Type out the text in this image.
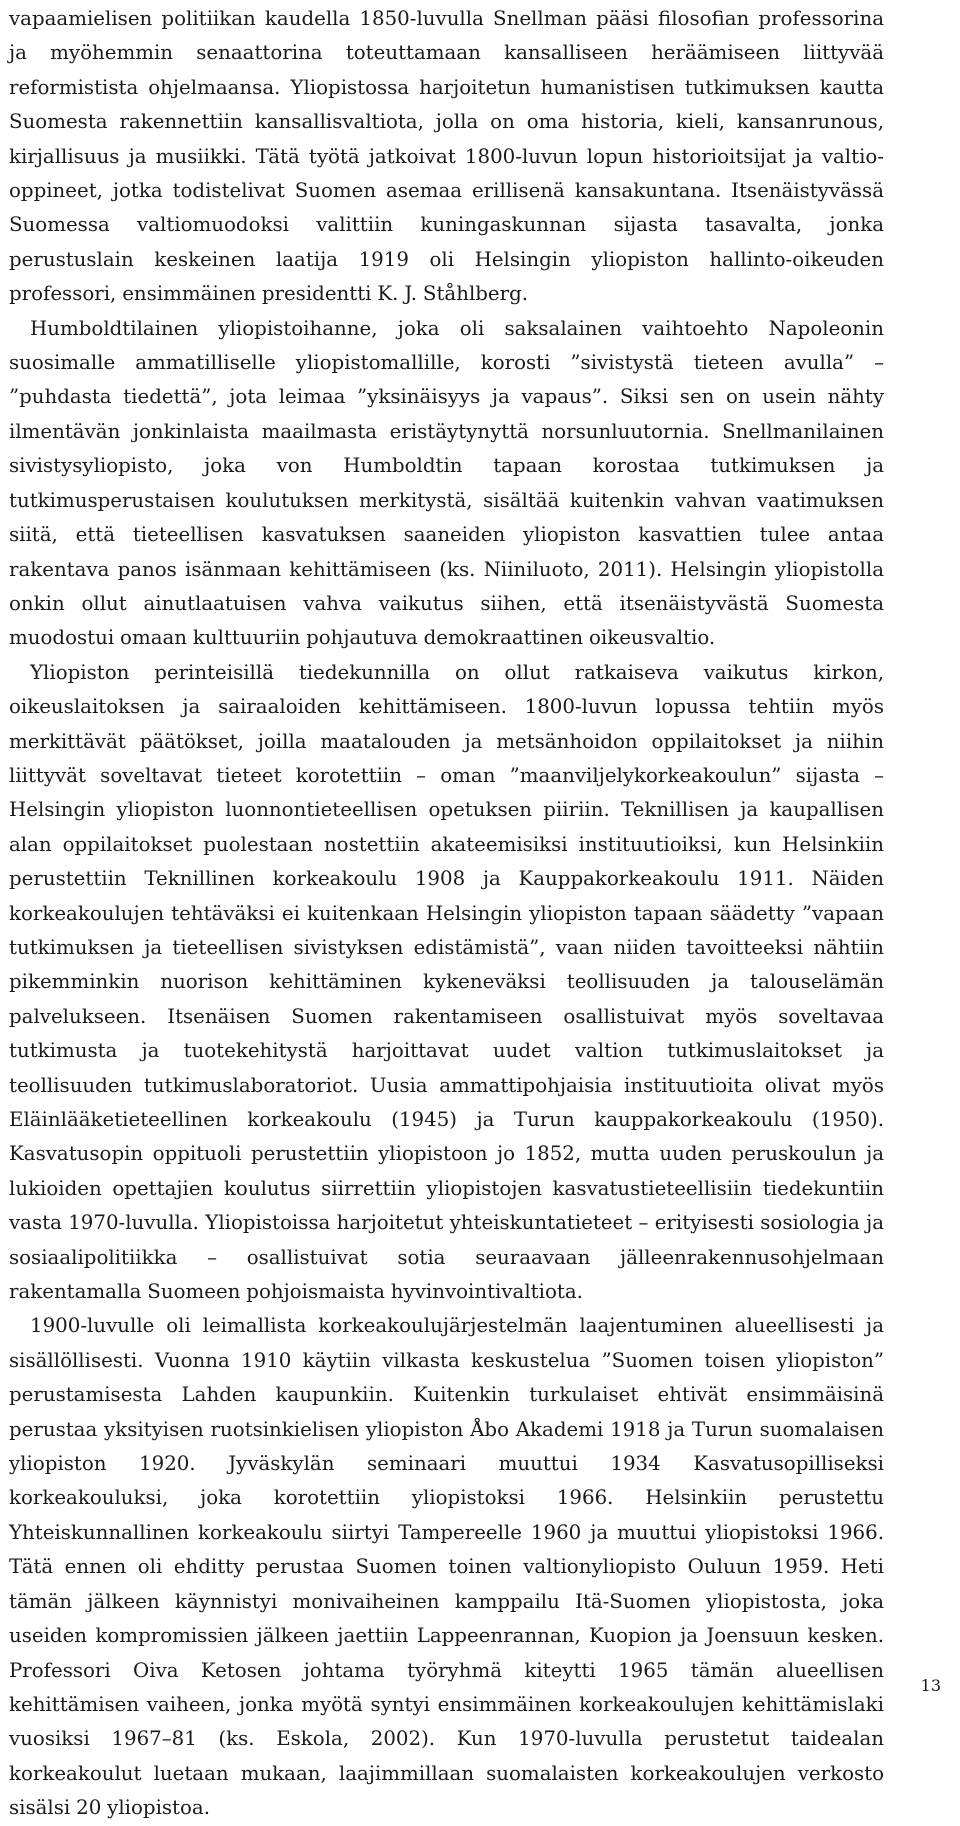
vapaamielisen politiikan kaudella 1850-luvulla Snellman pääsi filosofian professorina ja myöhemmin senaattorina toteuttamaan kansalliseen heräämiseen liittyvää reformistista ohjelmaansa. Yliopistossa harjoitetun humanistisen tutkimuksen kautta Suomesta rakennettiin kansallisvaltiota, jolla on oma historia, kieli, kansanrunous, kirjallisuus ja musiikki. Tätä työtä jatkoivat 1800-luvun lopun historioitsijat ja valtio-oppineet, jotka todistelivat Suomen asemaa erillisenä kansakuntana. Itsenäistyvässä Suomessa valtiomuodoksi valittiin kuningaskunnan sijasta tasavalta, jonka perustuslain keskeinen laatija 1919 oli Helsingin yliopiston hallinto-oikeuden professori, ensimmäinen presidentti K. J. Ståhlberg.

Humboldtilainen yliopistoihanne, joka oli saksalainen vaihtoehto Napoleonin suosimalle ammatilliselle yliopistomallille, korosti ”sivistystä tieteen avulla” – ”puhdasta tiedettä”, jota leimaa ”yksinäisyys ja vapaus”. Siksi sen on usein nähty ilmentävän jonkinlaista maailmasta eristäytynyttä norsunluutornia. Snellmanilainen sivistysyliopisto, joka von Humboldtin tapaan korostaa tutkimuksen ja tutkimusperustaisen koulutuksen merkitystä, sisältää kuitenkin vahvan vaatimuksen siitä, että tieteellisen kasvatuksen saaneiden yliopiston kasvattien tulee antaa rakentava panos isänmaan kehittämiseen (ks. Niiniluoto, 2011). Helsingin yliopistolla onkin ollut ainutlaatuisen vahva vaikutus siihen, että itsenäistyvästä Suomesta muodostui omaan kulttuuriin pohjautuva demokraattinen oikeusvaltio.

Yliopiston perinteisillä tiedekunnilla on ollut ratkaiseva vaikutus kirkon, oikeuslaitoksen ja sairaaloiden kehittämiseen. 1800-luvun lopussa tehtiin myös merkittävät päätökset, joilla maatalouden ja metsänhoidon oppilaitokset ja niihin liittyvät soveltavat tieteet korotettiin – oman ”maanviljelykorkeakoulun” sijasta – Helsingin yliopiston luonnontieteellisen opetuksen piiriin. Teknillisen ja kaupallisen alan oppilaitokset puolestaan nostettiin akateemisiksi instituutioiksi, kun Helsinkiin perustettiin Teknillinen korkeakoulu 1908 ja Kauppakorkeakoulu 1911. Näiden korkeakoulujen tehtäväksi ei kuitenkaan Helsingin yliopiston tapaan säädetty ”vapaan tutkimuksen ja tieteellisen sivistyksen edistämistä”, vaan niiden tavoitteeksi nähtiin pikemminkin nuorison kehittäminen kykeneväksi teollisuuden ja talouselämän palvelukseen. Itsenäisen Suomen rakentamiseen osallistuivat myös soveltavaa tutkimusta ja tuotekehitystä harjoittavat uudet valtion tutkimuslaitokset ja teollisuuden tutkimuslaboratoriot. Uusia ammattipohjaisia instituutioita olivat myös Eläinlääketieteellinen korkeakoulu (1945) ja Turun kauppakorkeakoulu (1950). Kasvatusopin oppituoli perustettiin yliopistoon jo 1852, mutta uuden peruskoulun ja lukioiden opettajien koulutus siirrettiin yliopistojen kasvatustieteellisiin tiedekuntiin vasta 1970-luvulla. Yliopistoissa harjoitetut yhteiskuntatieteet – erityisesti sosiologia ja sosiaalipolitiikka – osallistuivat sotia seuraavaan jälleenrakennusohjelmaan rakentamalla Suomeen pohjoismaista hyvinvointivaltiota.

1900-luvulle oli leimallista korkeakoulujärjestelmän laajentuminen alueellisesti ja sisällöllisesti. Vuonna 1910 käytiin vilkasta keskustelua ”Suomen toisen yliopiston” perustamisesta Lahden kaupunkiin. Kuitenkin turkulaiset ehtivät ensimmäisinä perustaa yksityisen ruotsinkielisen yliopiston Åbo Akademi 1918 ja Turun suomalaisen yliopiston 1920. Jyväskylän seminaari muuttui 1934 Kasvatusopilliseksi korkeakouluksi, joka korotettiin yliopistoksi 1966. Helsinkiin perustettu Yhteiskunnallinen korkeakoulu siirtyi Tampereelle 1960 ja muuttui yliopistoksi 1966. Tätä ennen oli ehditty perustaa Suomen toinen valtionyliopisto Ouluun 1959. Heti tämän jälkeen käynnistyi monivaiheinen kamppailu Itä-Suomen yliopistosta, joka useiden kompromissien jälkeen jaettiin Lappeenrannan, Kuopion ja Joensuun kesken. Professori Oiva Ketosen johtama työryhmä kiteytti 1965 tämän alueellisen kehittämisen vaiheen, jonka myötä syntyi ensimmäinen korkeakoulujen kehittämislaki vuosiksi 1967–81 (ks. Eskola, 2002). Kun 1970-luvulla perustetut taidealan korkeakoulut luetaan mukaan, laajimmillaan suomalaisten korkeakoulujen verkosto sisälsi 20 yliopistoa.

13
